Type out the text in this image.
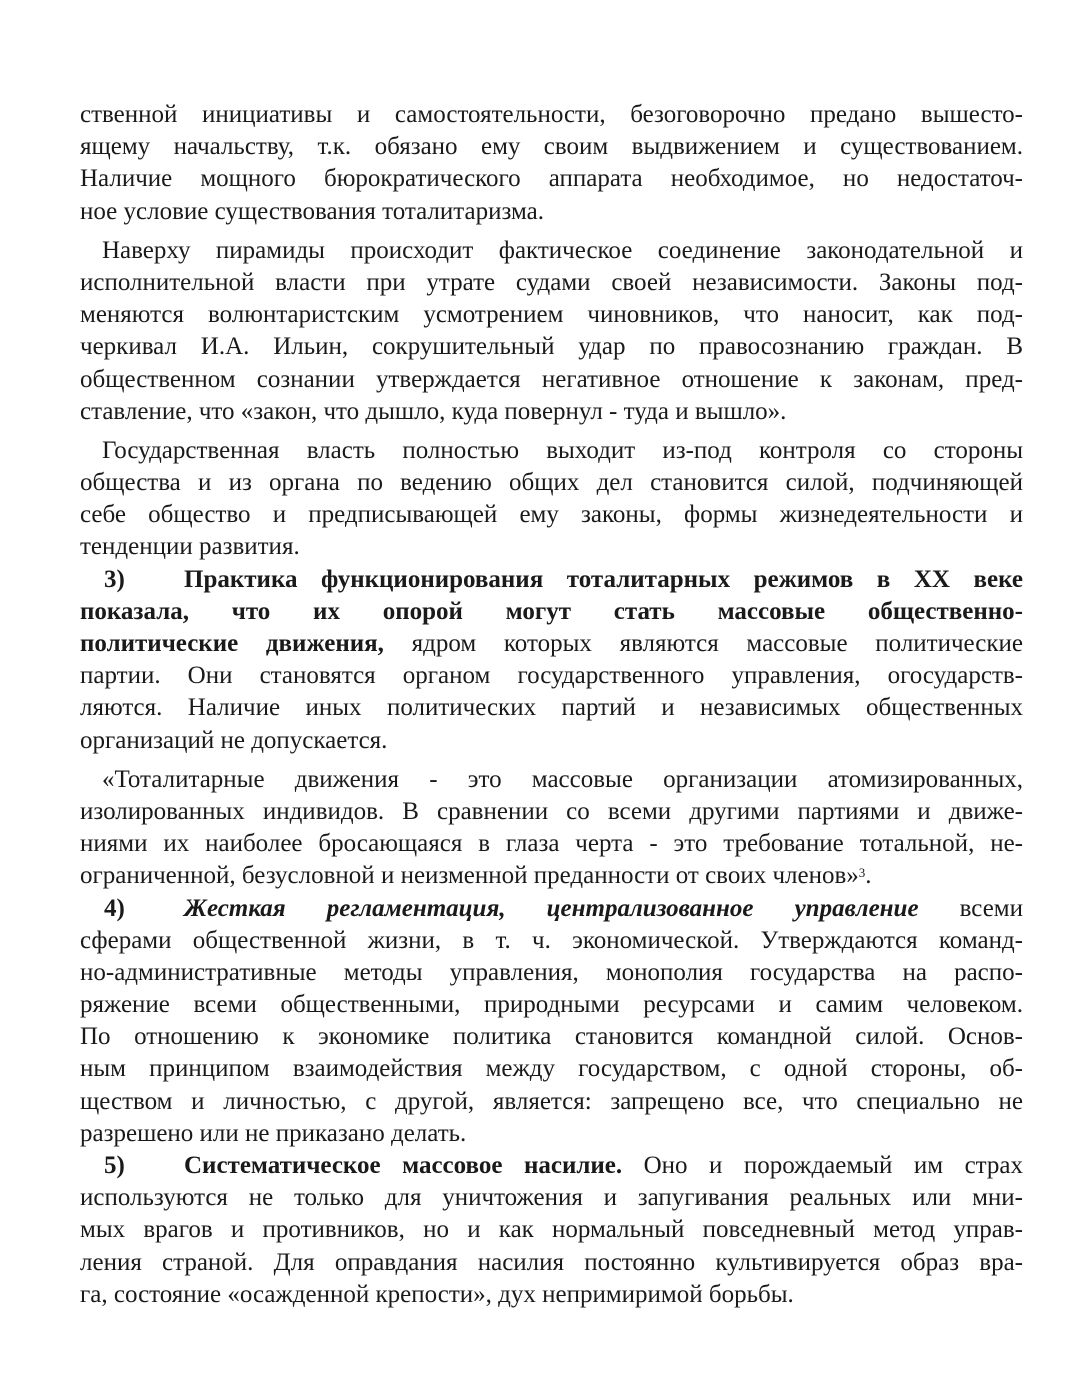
ственной инициативы и самостоятельности, безоговорочно предано вышесто-
ящему начальству, т.к. обязано ему своим выдвижением и существованием.
Наличие мощного бюрократического аппарата необходимое, но недостаточ-
ное условие существования тоталитаризма.
Наверху пирамиды происходит фактическое соединение законодательной и
исполнительной власти при утрате судами своей независимости. Законы под-
меняются волюнтаристским усмотрением чиновников, что наносит, как под-
черкивал И.А. Ильин, сокрушительный удар по правосознанию граждан. В
общественном сознании утверждается негативное отношение к законам, пред-
ставление, что «закон, что дышло, куда повернул - туда и вышло».
Государственная власть полностью выходит из-под контроля со стороны
общества и из органа по ведению общих дел становится силой, подчиняющей
себе общество и предписывающей ему законы, формы жизнедеятельности и
тенденции развития.
3) Практика функционирования тоталитарных режимов в XX веке
показала, что их опорой могут стать массовые общественно-
политические движения, ядром которых являются массовые политические
партии. Они становятся органом государственного управления, огосударств-
ляются. Наличие иных политических партий и независимых общественных
организаций не допускается.
«Тоталитарные движения - это массовые организации атомизированных,
изолированных индивидов. В сравнении со всеми другими партиями и движе-
ниями их наиболее бросающаяся в глаза черта - это требование тотальной, не-
ограниченной, безусловной и неизменной преданности от своих членов»$^3$.
4) Жесткая регламентация, централизованное управление всеми
сферами общественной жизни, в т. ч. экономической. Утверждаются команд-
но-административные методы управления, монополия государства на распо-
ряжение всеми общественными, природными ресурсами и самим человеком.
По отношению к экономике политика становится командной силой. Основ-
ным принципом взаимодействия между государством, с одной стороны, об-
ществом и личностью, с другой, является: запрещено все, что специально не
разрешено или не приказано делать.
5) Систематическое массовое насилие. Оно и порождаемый им страх
используются не только для уничтожения и запугивания реальных или мни-
мых врагов и противников, но и как нормальный повседневный метод управ-
ления страной. Для оправдания насилия постоянно культивируется образ вра-
га, состояние «осажденной крепости», дух непримиримой борьбы.
